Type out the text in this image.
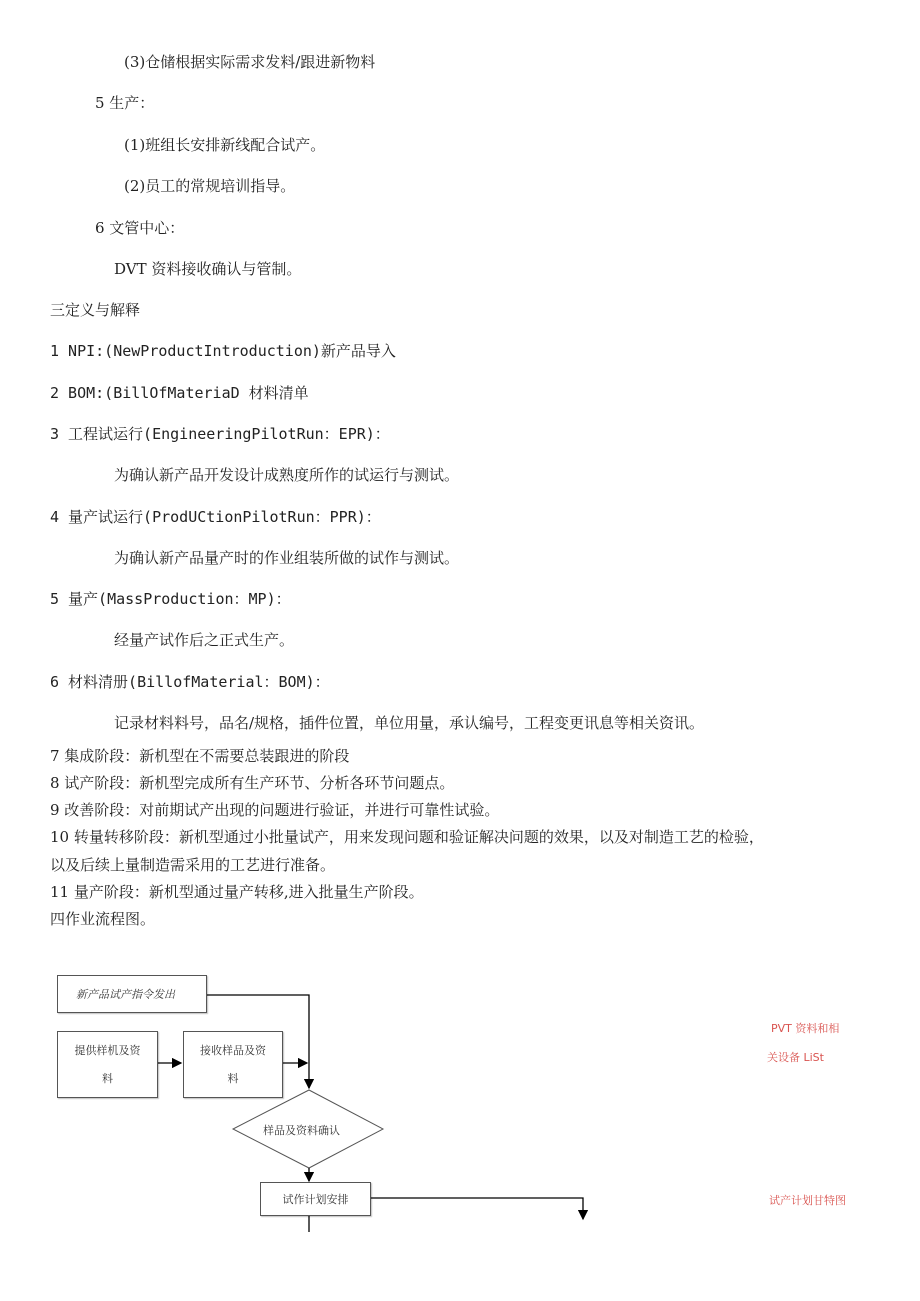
(3)仓储根据实际需求发料/跟进新物料
5 生产：
(1)班组长安排新线配合试产。
(2)员工的常规培训指导。
6 文管中心：
DVT 资料接收确认与管制。
三定义与解释
1 NPI:(NewProductIntroduction)新产品导入
2 BOM:(BillOfMateriaD 材料清单
3 工程试运行(EngineeringPilotRun：EPR)：
为确认新产品开发设计成熟度所作的试运行与测试。
4 量产试运行(ProdUCtionPilotRun：PPR)：
为确认新产品量产时的作业组装所做的试作与测试。
5 量产(MassProduction：MP)：
经量产试作后之正式生产。
6 材料清册(BillofMaterial：BOM)：
记录材料料号，品名/规格，插件位置，单位用量，承认编号，工程变更讯息等相关资讯。
7 集成阶段：新机型在不需要总装跟进的阶段
8 试产阶段：新机型完成所有生产环节、分析各环节问题点。
9 改善阶段：对前期试产出现的问题进行验证，并进行可靠性试验。
10 转量转移阶段：新机型通过小批量试产，用来发现问题和验证解决问题的效果，以及对制造工艺的检验，
以及后续上量制造需采用的工艺进行准备。
11 量产阶段：新机型通过量产转移,进入批量生产阶段。
四作业流程图。
新产品试产指令发出
提供样机及资
料
接收样品及资
料
样品及资料确认
试作计划安排
PVT 资料和相
关设备 LiSt
试产计划甘特图
